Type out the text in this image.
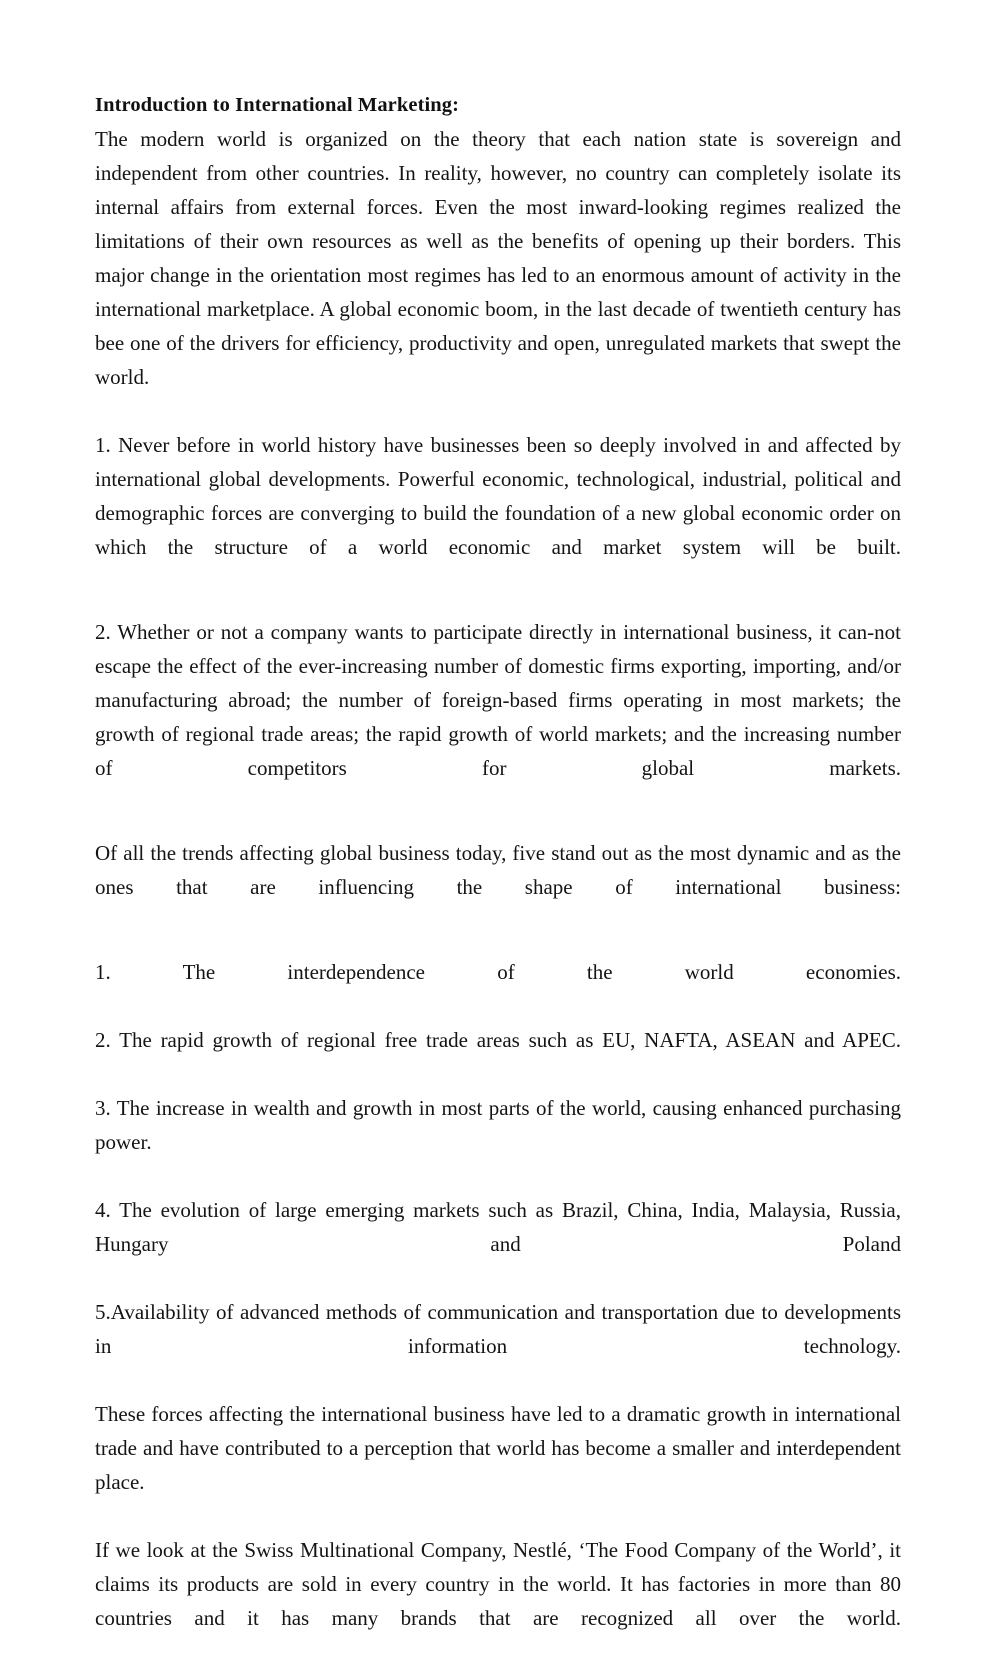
Introduction to International Marketing:

The modern world is organized on the theory that each nation state is sovereign and independent from other countries. In reality, however, no country can completely isolate its internal affairs from external forces. Even the most inward-looking regimes realized the limitations of their own resources as well as the benefits of opening up their borders. This major change in the orientation most regimes has led to an enormous amount of activity in the international marketplace. A global economic boom, in the last decade of twentieth century has bee one of the drivers for efficiency, productivity and open, unregulated markets that swept the world.

1. Never before in world history have businesses been so deeply involved in and affected by international global developments. Powerful economic, technological, industrial, political and demographic forces are converging to build the foundation of a new global economic order on which the structure of a world economic and market system will be built.

2. Whether or not a company wants to participate directly in international business, it can-not escape the effect of the ever-increasing number of domestic firms exporting, importing, and/or manufacturing abroad; the number of foreign-based firms operating in most markets; the growth of regional trade areas; the rapid growth of world markets; and the increasing number of competitors for global markets.

Of all the trends affecting global business today, five stand out as the most dynamic and as the ones that are influencing the shape of international business:

1. The interdependence of the world economies.

2. The rapid growth of regional free trade areas such as EU, NAFTA, ASEAN and APEC.

3. The increase in wealth and growth in most parts of the world, causing enhanced purchasing power.

4. The evolution of large emerging markets such as Brazil, China, India, Malaysia, Russia, Hungary and Poland

5.Availability of advanced methods of communication and transportation due to developments in information technology.

These forces affecting the international business have led to a dramatic growth in international trade and have contributed to a perception that world has become a smaller and interdependent place.

If we look at the Swiss Multinational Company, Nestlé, ‘The Food Company of the World’, it claims its products are sold in every country in the world. It has factories in more than 80 countries and it has many brands that are recognized all over the world.
